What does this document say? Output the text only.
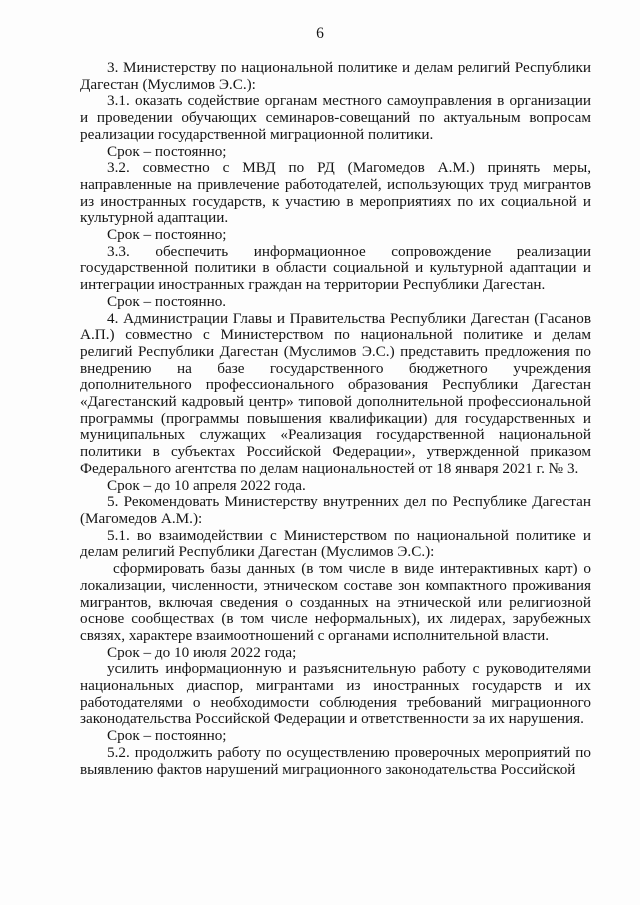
6

3. Министерству по национальной политике и делам религий Республики Дагестан (Муслимов Э.С.):

3.1. оказать содействие органам местного самоуправления в организации и проведении обучающих семинаров-совещаний по актуальным вопросам реализации государственной миграционной политики.

Срок – постоянно;

3.2. совместно с МВД по РД (Магомедов А.М.) принять меры, направленные на привлечение работодателей, использующих труд мигрантов из иностранных государств, к участию в мероприятиях по их социальной и культурной адаптации.

Срок – постоянно;

3.3. обеспечить информационное сопровождение реализации государственной политики в области социальной и культурной адаптации и интеграции иностранных граждан на территории Республики Дагестан.

Срок – постоянно.

4. Администрации Главы и Правительства Республики Дагестан (Гасанов А.П.) совместно с Министерством по национальной политике и делам религий Республики Дагестан (Муслимов Э.С.) представить предложения по внедрению на базе государственного бюджетного учреждения дополнительного профессионального образования Республики Дагестан «Дагестанский кадровый центр» типовой дополнительной профессиональной программы (программы повышения квалификации) для государственных и муниципальных служащих «Реализация государственной национальной политики в субъектах Российской Федерации», утвержденной приказом Федерального агентства по делам национальностей от 18 января 2021 г. № 3.

Срок – до 10 апреля 2022 года.

5. Рекомендовать Министерству внутренних дел по Республике Дагестан (Магомедов А.М.):

5.1. во взаимодействии с Министерством по национальной политике и делам религий Республики Дагестан (Муслимов Э.С.):

сформировать базы данных (в том числе в виде интерактивных карт) о локализации, численности, этническом составе зон компактного проживания мигрантов, включая сведения о созданных на этнической или религиозной основе сообществах (в том числе неформальных), их лидерах, зарубежных связях, характере взаимоотношений с органами исполнительной власти.

Срок – до 10 июля 2022 года;

усилить информационную и разъяснительную работу с руководителями национальных диаспор, мигрантами из иностранных государств и их работодателями о необходимости соблюдения требований миграционного законодательства Российской Федерации и ответственности за их нарушения.

Срок – постоянно;

5.2. продолжить работу по осуществлению проверочных мероприятий по выявлению фактов нарушений миграционного законодательства Российской
